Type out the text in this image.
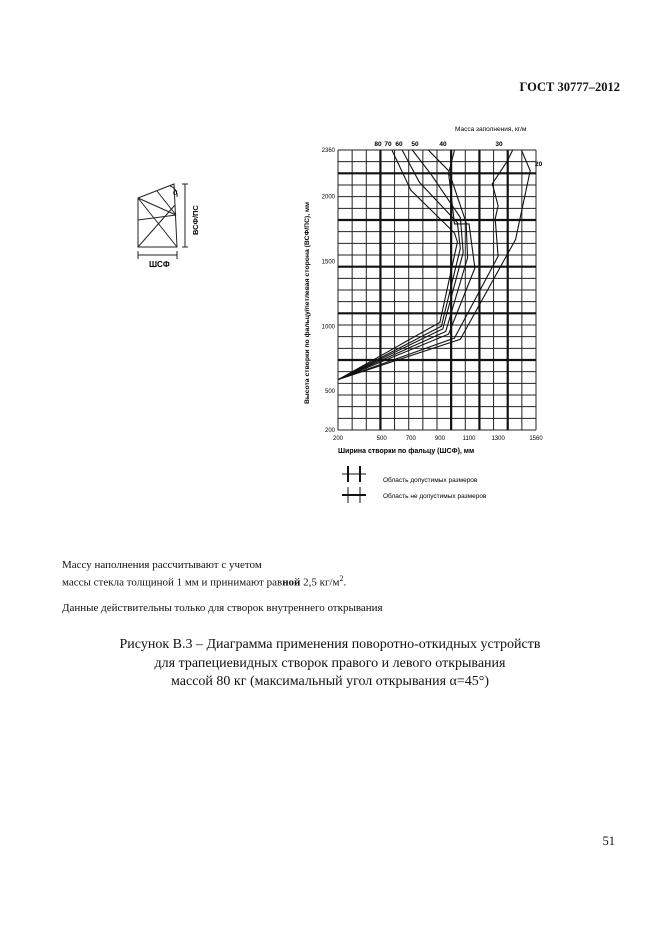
ГОСТ 30777–2012
α
ШСФ
ВСФ/ПС
Масса заполнения, кг/м
200	500	700	900	1100	1300	1560
200
500
1000
1500
2000
2360
80 70 60 50	40	30
20
Ширина створки по фальцу (ШСФ), мм
Высота створки по фальцу/петлевая сторона (ВСФ/ПС), мм
Область допустимых размеров
Область не допустимых размеров
Массу наполнения рассчитывают с учетом
массы стекла толщиной 1 мм и принимают равной 2,5 $кг/м^2$.
Данные действительны только для створок внутреннего открывания
Рисунок В.3 – Диаграмма применения поворотно-откидных устройств
для трапециевидных створок правого и левого открывания
массой 80 кг (максимальный угол открывания α=45°)
51
